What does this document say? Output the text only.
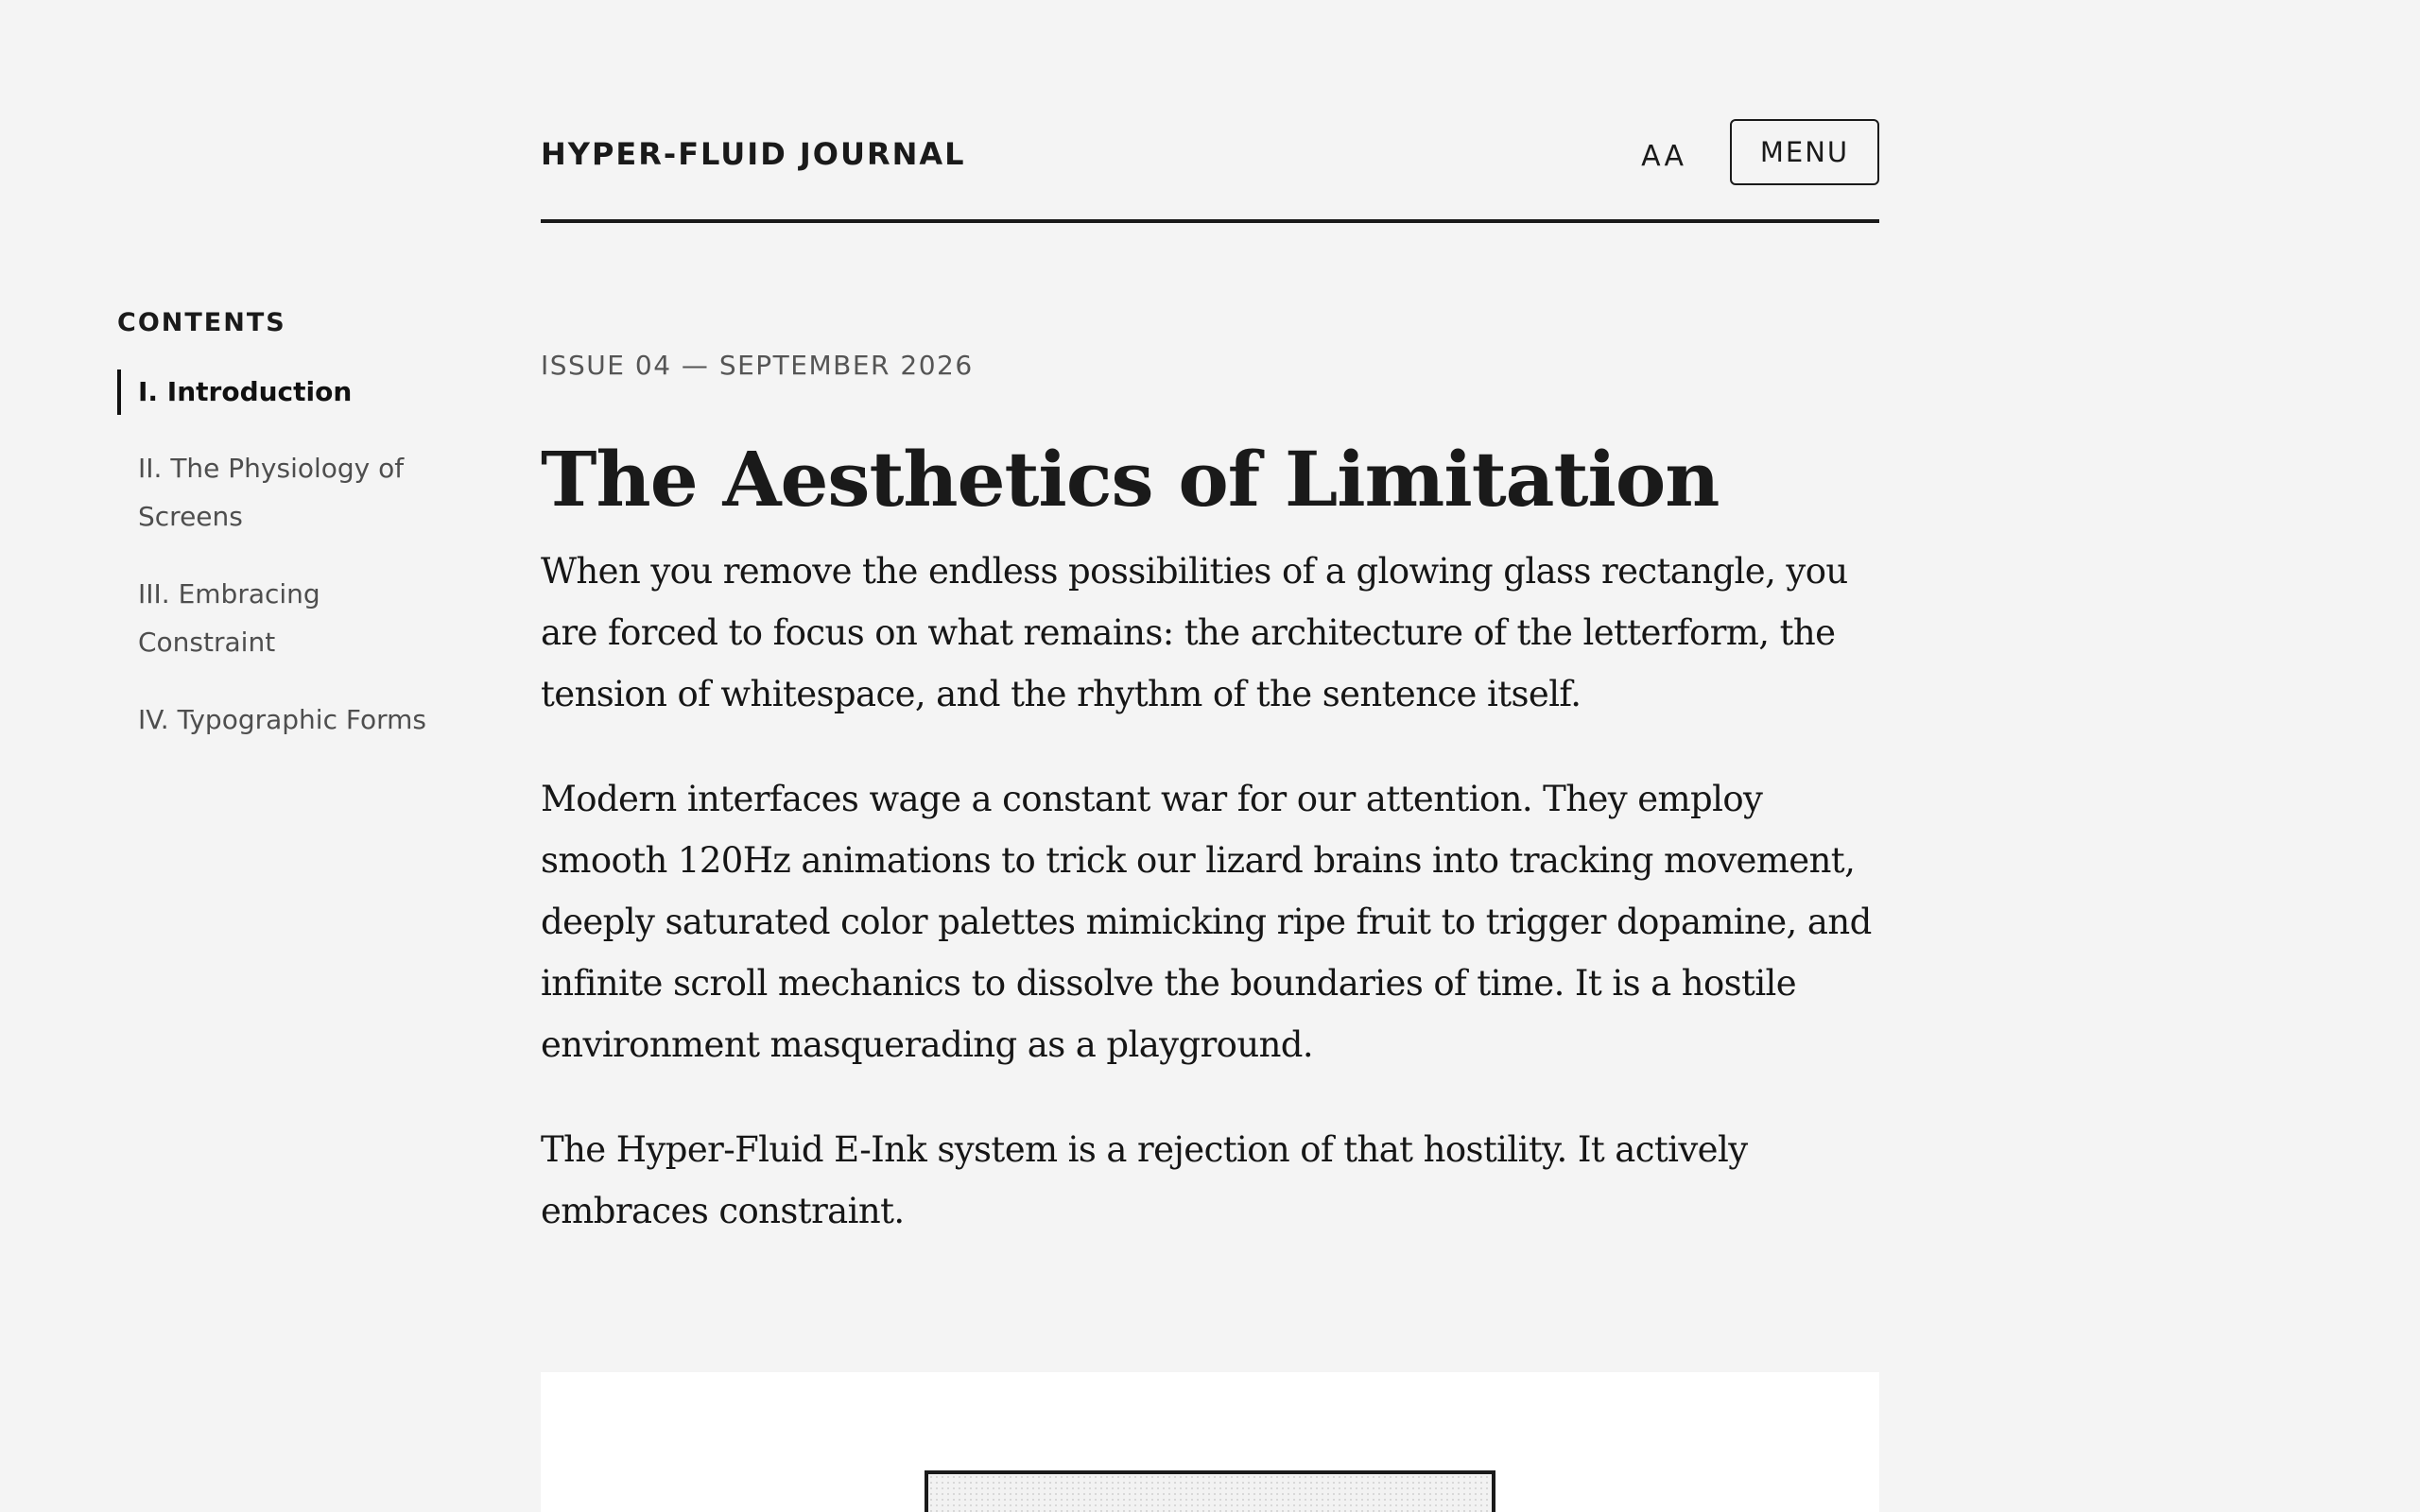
CONTENTS
I. Introduction
II. The Physiology of Screens
III. Embracing Constraint
IV. Typographic Forms
HYPER-FLUID JOURNAL	AA	MENU

ISSUE 04 — SEPTEMBER 2026

The Aesthetics of Limitation

When you remove the endless possibilities of a glowing glass rectangle, you are forced to focus on what remains: the architecture of the letterform, the tension of whitespace, and the rhythm of the sentence itself.

Modern interfaces wage a constant war for our attention. They employ smooth 120Hz animations to trick our lizard brains into tracking movement, deeply saturated color palettes mimicking ripe fruit to trigger dopamine, and infinite scroll mechanics to dissolve the boundaries of time. It is a hostile environment masquerading as a playground.

The Hyper-Fluid E-Ink system is a rejection of that hostility. It actively embraces constraint.
